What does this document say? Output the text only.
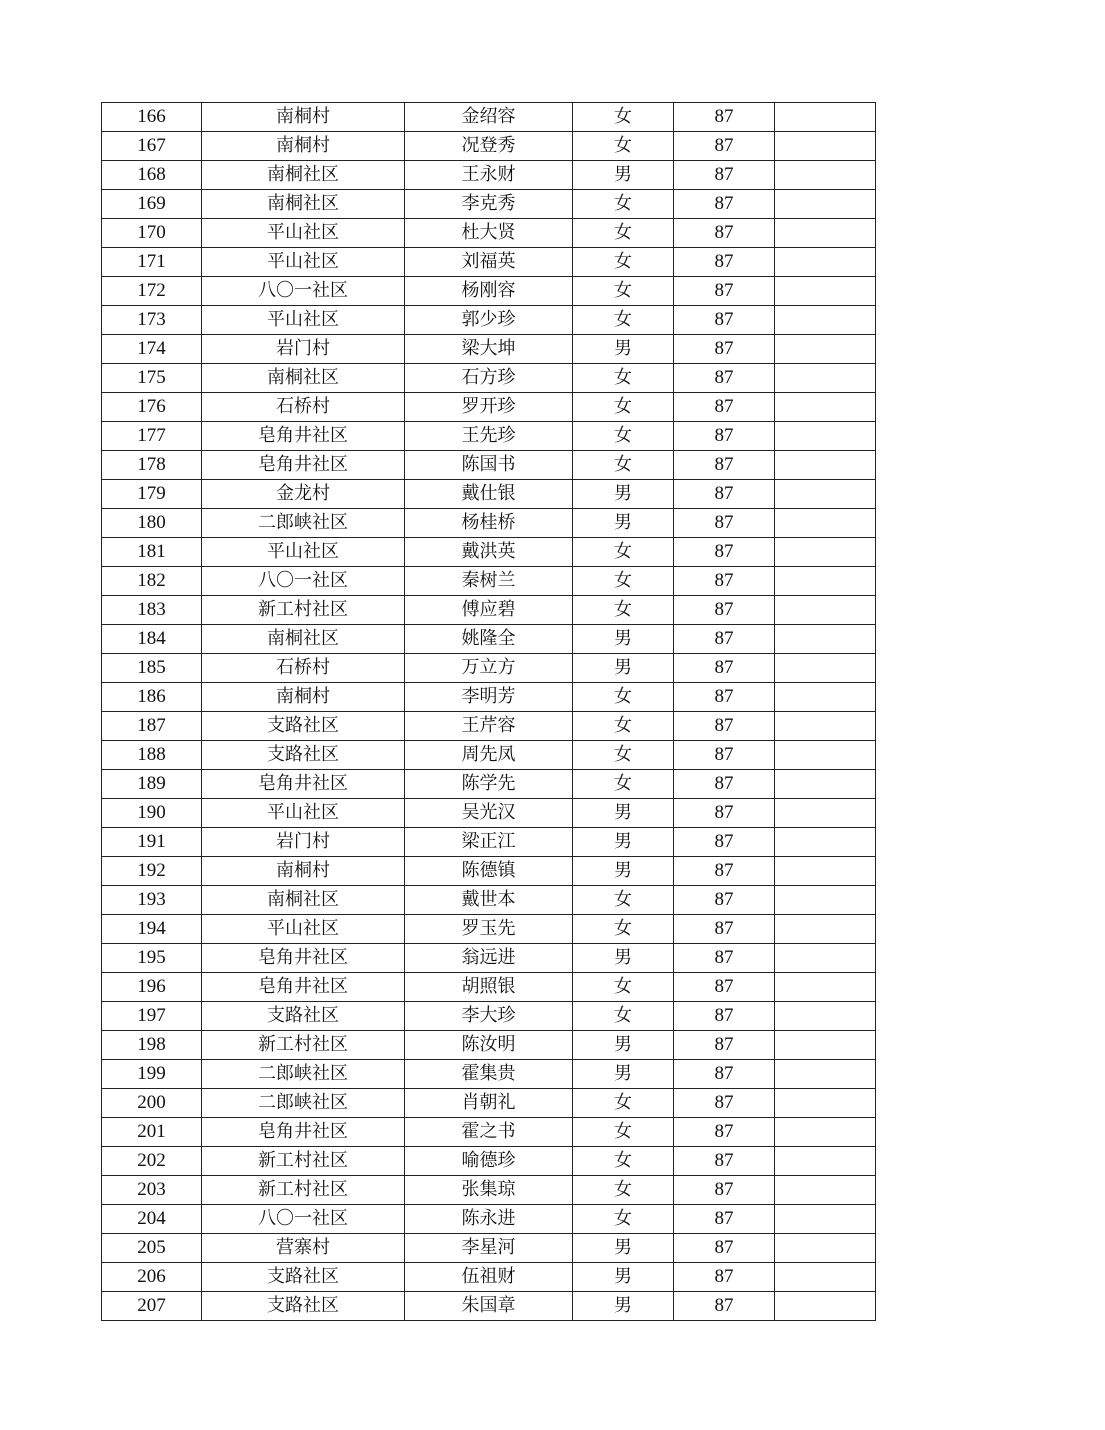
166	南桐村	金绍容	女	87	
167	南桐村	况登秀	女	87	
168	南桐社区	王永财	男	87	
169	南桐社区	李克秀	女	87	
170	平山社区	杜大贤	女	87	
171	平山社区	刘福英	女	87	
172	八〇一社区	杨刚容	女	87	
173	平山社区	郭少珍	女	87	
174	岩门村	梁大坤	男	87	
175	南桐社区	石方珍	女	87	
176	石桥村	罗开珍	女	87	
177	皂角井社区	王先珍	女	87	
178	皂角井社区	陈国书	女	87	
179	金龙村	戴仕银	男	87	
180	二郎峡社区	杨桂桥	男	87	
181	平山社区	戴洪英	女	87	
182	八〇一社区	秦树兰	女	87	
183	新工村社区	傅应碧	女	87	
184	南桐社区	姚隆全	男	87	
185	石桥村	万立方	男	87	
186	南桐村	李明芳	女	87	
187	支路社区	王芹容	女	87	
188	支路社区	周先凤	女	87	
189	皂角井社区	陈学先	女	87	
190	平山社区	吴光汉	男	87	
191	岩门村	梁正江	男	87	
192	南桐村	陈德镇	男	87	
193	南桐社区	戴世本	女	87	
194	平山社区	罗玉先	女	87	
195	皂角井社区	翁远进	男	87	
196	皂角井社区	胡照银	女	87	
197	支路社区	李大珍	女	87	
198	新工村社区	陈汝明	男	87	
199	二郎峡社区	霍集贵	男	87	
200	二郎峡社区	肖朝礼	女	87	
201	皂角井社区	霍之书	女	87	
202	新工村社区	喻德珍	女	87	
203	新工村社区	张集琼	女	87	
204	八〇一社区	陈永进	女	87	
205	营寨村	李星河	男	87	
206	支路社区	伍祖财	男	87	
207	支路社区	朱国章	男	87	
